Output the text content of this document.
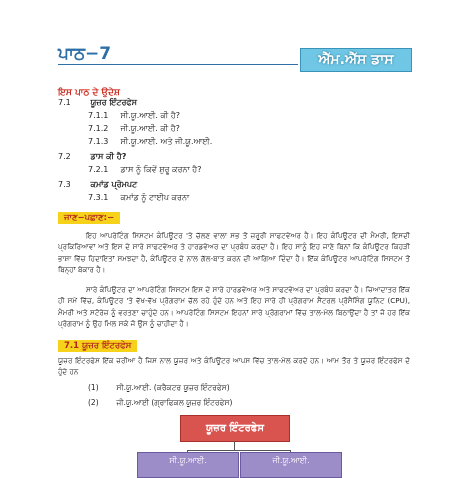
ਪਾਠ−7	ਐੱਮ.ਐੱਸ ਡਾਸ
ਇਸ ਪਾਠ ਦੇ ਉਦੇਸ਼
7.1 ਯੂਜ਼ਰ ਇੰਟਰਫੇਸ
7.1.1 ਸੀ.ਯੂ.ਆਈ. ਕੀ ਹੈ?
7.1.2 ਜੀ.ਯੂ.ਆਈ. ਕੀ ਹੈ?
7.1.3 ਸੀ.ਯੂ.ਆਈ. ਅਤੇ ਜੀ.ਯੂ.ਆਈ.
7.2 ਡਾਸ ਕੀ ਹੈ?
7.2.1 ਡਾਸ ਨੂੰ ਕਿਵੇਂ ਸ਼ੁਰੂ ਕਰਨਾ ਹੈ?
7.3 ਕਮਾਂਡ ਪ੍ਰੋਮਪਟ
7.3.1 ਕਮਾਂਡ ਨੂੰ ਟਾਈਪ ਕਰਨਾ
ਜਾਣ−ਪਛਾਣ:−
ਇਹ ਆਪਰੇਟਿੰਗ ਸਿਸਟਮ ਕੰਪਿਊਟਰ 'ਤੇ ਚੱਲਣ ਵਾਲਾ ਸਭ ਤੋਂ ਜ਼ਰੂਰੀ ਸਾਫਟਵੇਅਰ ਹੈ। ਇਹ ਕੰਪਿਊਟਰ ਦੀ ਮੈਮਰੀ, ਇਸਦੀ ਪ੍ਰਕਿਰਿਆਵਾਂ ਅਤੇ ਇਸ ਦੇ ਸਾਰੇ ਸਾਫਟਵੇਅਰ ਤੇ ਹਾਰਡਵੇਅਰ ਦਾ ਪ੍ਰਬੰਧ ਕਰਦਾ ਹੈ। ਇਹ ਸਾਨੂੰ ਇਹ ਜਾਣੇ ਬਿਨਾਂ ਕਿ ਕੰਪਿਊਟਰ ਕਿਹੜੀ ਭਾਸ਼ਾ ਵਿੱਚ ਹਿਦਾਇਤਾਂ ਸਮਝਦਾ ਹੈ, ਕੰਪਿਊਟਰ ਦੇ ਨਾਲ ਗੱਲ-ਬਾਤ ਕਰਨ ਦੀ ਆਗਿਆ ਦਿੰਦਾ ਹੈ। ਇੱਕ ਕੰਪਿਊਟਰ ਆਪਰੇਟਿੰਗ ਸਿਸਟਮ ਤੋਂ ਬਿਨ੍ਹਾਂ ਬੇਕਾਰ ਹੈ।
ਸਾਰੇ ਕੰਪਿਊਟਰ ਦਾ ਆਪਰੇਟਿੰਗ ਸਿਸਟਮ ਇਸ ਦੇ ਸਾਰੇ ਹਾਰਡਵੇਅਰ ਅਤੇ ਸਾਫਟਵੇਅਰ ਦਾ ਪ੍ਰਬੰਧ ਕਰਦਾ ਹੈ। ਜ਼ਿਆਦਾਤਰ ਇੱਕ ਹੀ ਸਮੇਂ ਵਿੱਚ, ਕੰਪਿਊਟਰ 'ਤੇ ਵੱਖ-ਵੱਖ ਪ੍ਰੋਗਰਾਮ ਚੱਲ ਰਹੇ ਹੁੰਦੇ ਹਨ ਅਤੇ ਇਹ ਸਾਰੇ ਹੀ ਪ੍ਰੋਗਰਾਮ ਸੈਂਟਰਲ ਪ੍ਰੋਸੈਸਿੰਗ ਯੂਨਿਟ (CPU), ਮੈਮਰੀ ਅਤੇ ਸਟੋਰੇਜ਼ ਨੂੰ ਵਰਤਣਾ ਚਾਹੁੰਦੇ ਹਨ। ਆਪਰੇਟਿੰਗ ਸਿਸਟਮ ਇਹਨਾਂ ਸਾਰੇ ਪ੍ਰੋਗਰਾਮਾਂ ਵਿੱਚ ਤਾਲ-ਮੇਲ ਬਿਠਾਉਂਦਾ ਹੈ ਤਾਂ ਜੋ ਹਰ ਇੱਕ ਪ੍ਰੋਗਰਾਮ ਨੂੰ ਉਹ ਮਿਲ ਸਕੇ ਜੋ ਉਸ ਨੂੰ ਚਾਹੀਦਾ ਹੈ।
7.1 ਯੂਜ਼ਰ ਇੰਟਰਫੇਸ
ਯੂਜ਼ਰ ਇੰਟਰਫੇਸ ਇੱਕ ਜ਼ਰੀਆ ਹੈ ਜਿਸ ਨਾਲ ਯੂਜ਼ਰ ਅਤੇ ਕੰਪਿਊਟਰ ਆਪਸ ਵਿੱਚ ਤਾਲ-ਮੇਲ ਕਰਦੇ ਹਨ। ਆਮ ਤੌਰ ਤੇ ਯੂਜ਼ਰ ਇੰਟਰਫੇਸ ਦੋ ਹੁੰਦੇ ਹਨ
(1) ਸੀ.ਯੂ.ਆਈ. (ਕਰੈਕਟਰ ਯੂਜ਼ਰ ਇੰਟਰਫੇਸ)
(2) ਜੀ.ਯੂ.ਆਈ (ਗ੍ਰਾਫਿਕਲ ਯੂਜ਼ਰ ਇੰਟਰਫੇਸ)
ਯੂਜ਼ਰ ਇੰਟਰਫੇਸ
ਸੀ.ਯੂ.ਆਈ.	ਜੀ.ਯੂ.ਆਈ.
